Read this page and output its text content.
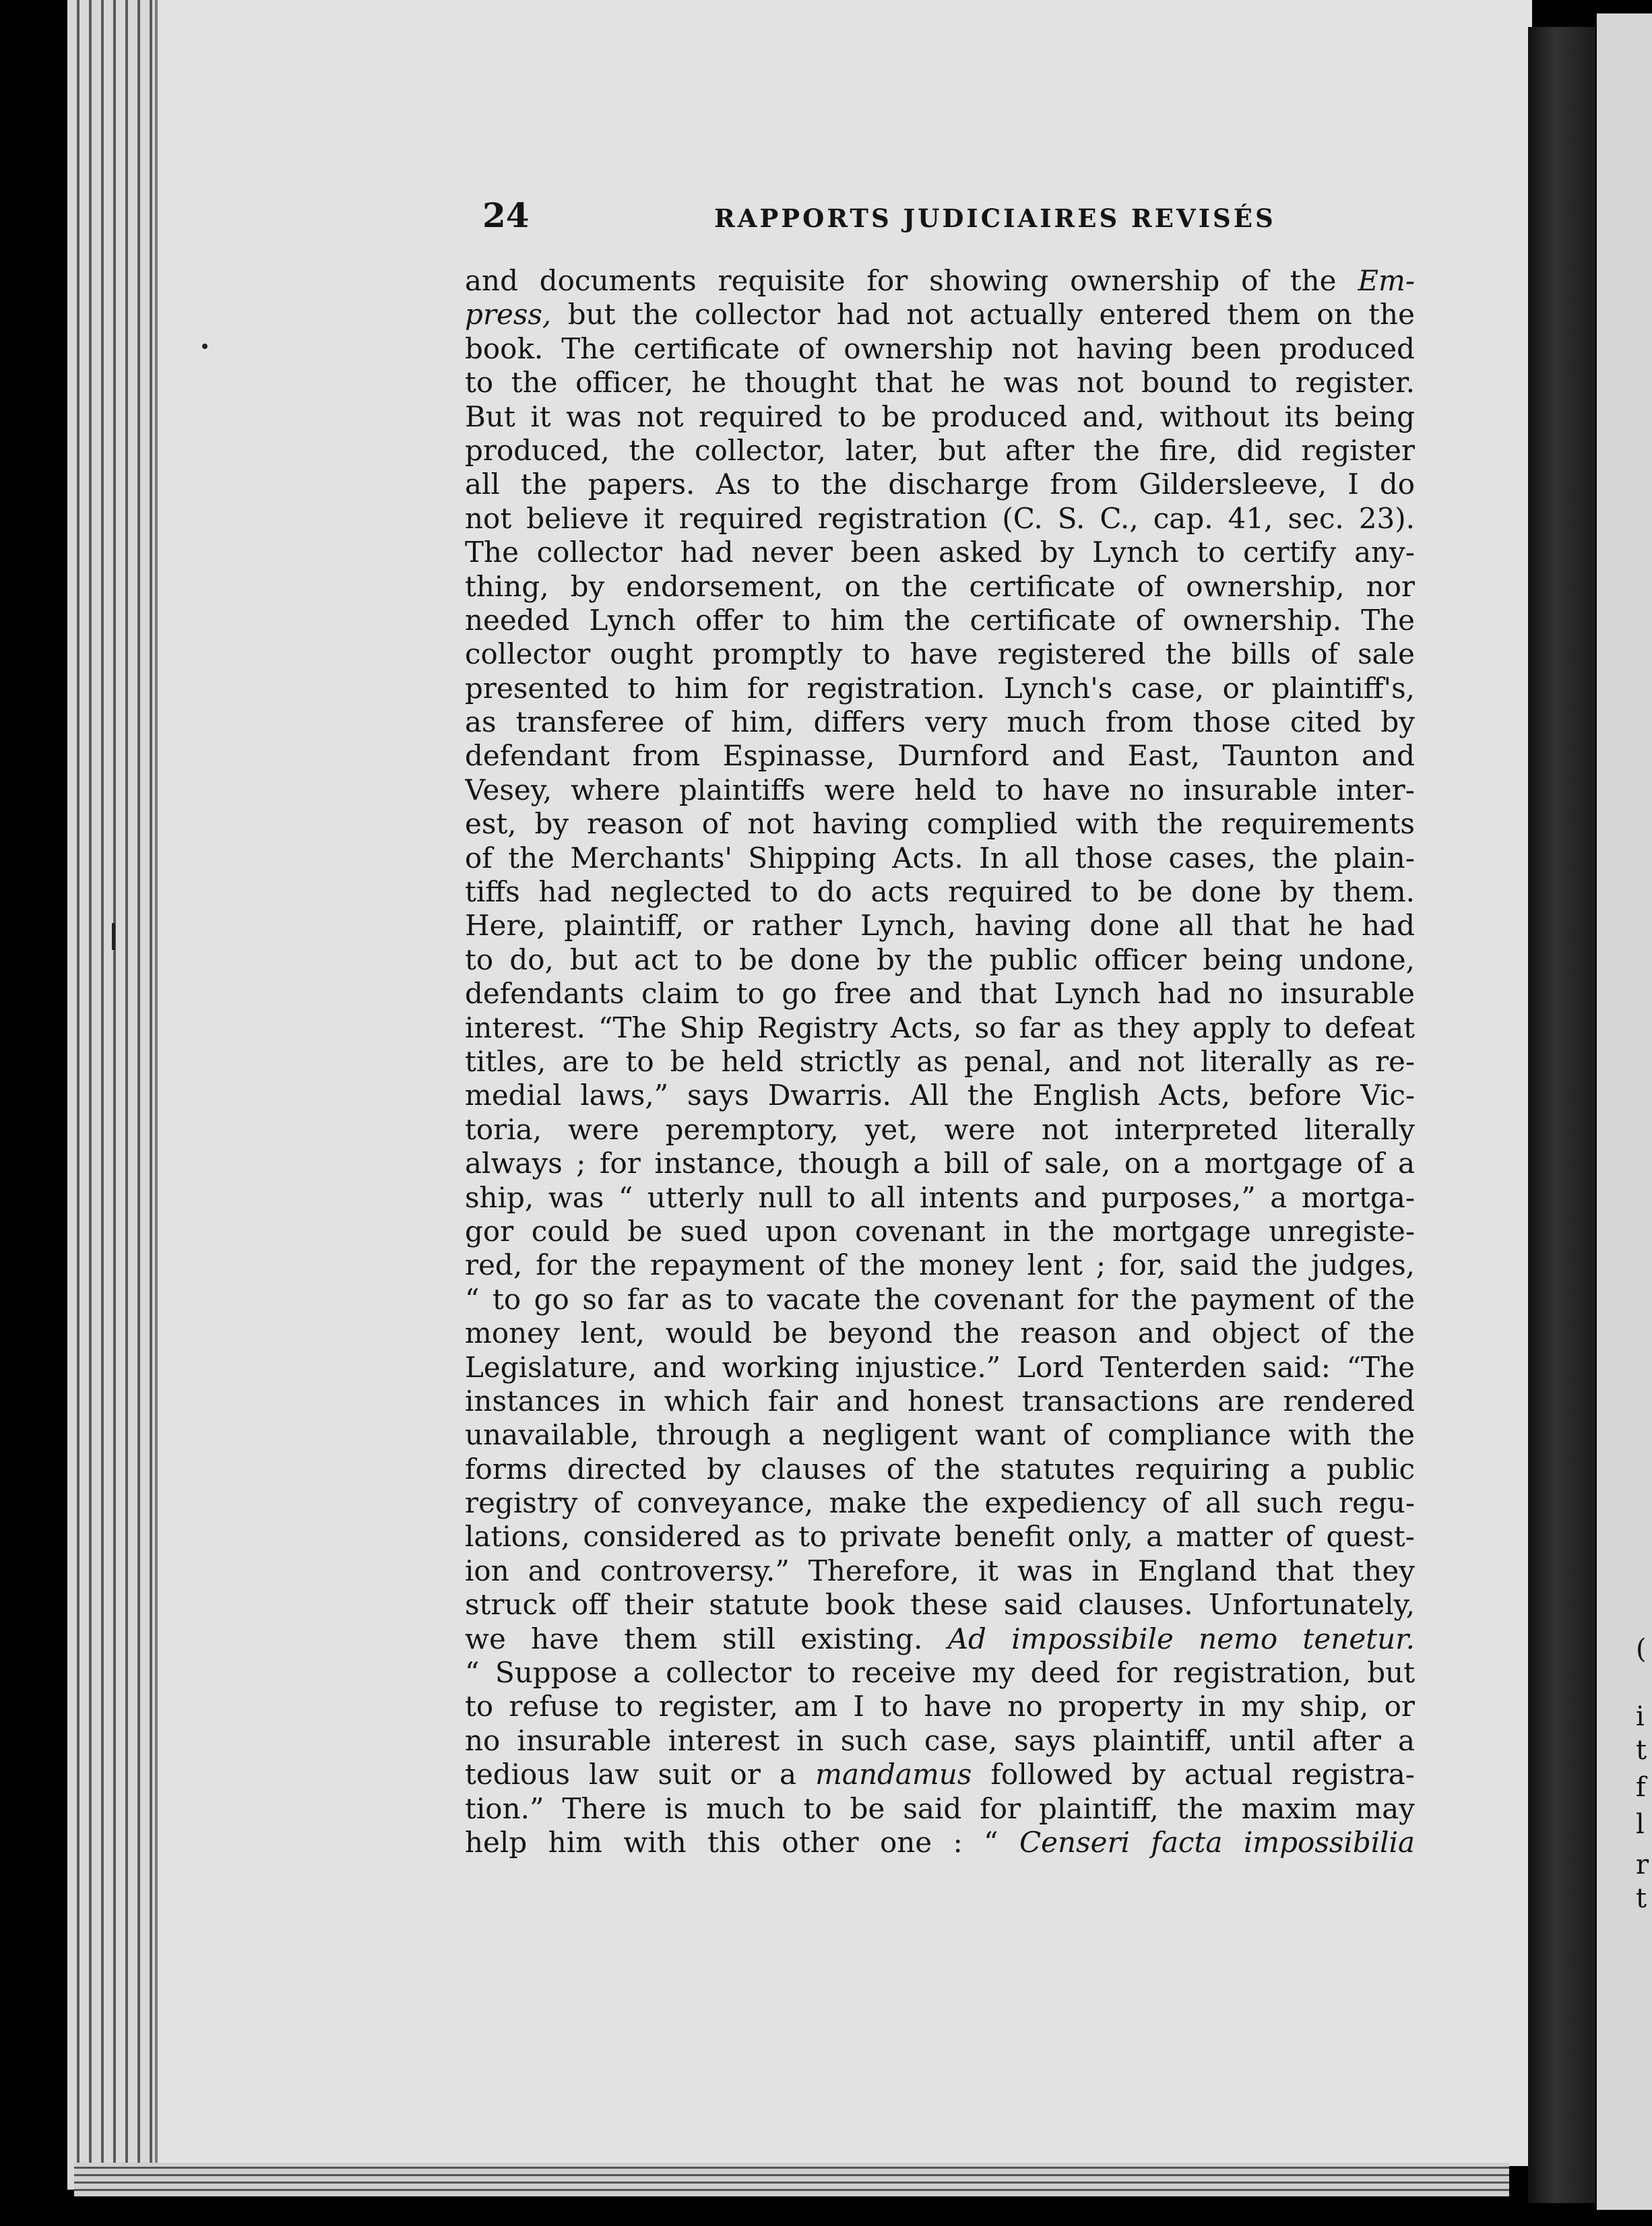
24	RAPPORTS JUDICIAIRES REVISÉS
and documents requisite for showing ownership of the Em-
press, but the collector had not actually entered them on the
book. The certificate of ownership not having been produced
to the officer, he thought that he was not bound to register.
But it was not required to be produced and, without its being
produced, the collector, later, but after the fire, did register
all the papers. As to the discharge from Gildersleeve, I do
not believe it required registration (C. S. C., cap. 41, sec. 23).
The collector had never been asked by Lynch to certify any-
thing, by endorsement, on the certificate of ownership, nor
needed Lynch offer to him the certificate of ownership. The
collector ought promptly to have registered the bills of sale
presented to him for registration. Lynch's case, or plaintiff's,
as transferee of him, differs very much from those cited by
defendant from Espinasse, Durnford and East, Taunton and
Vesey, where plaintiffs were held to have no insurable inter-
est, by reason of not having complied with the requirements
of the Merchants' Shipping Acts. In all those cases, the plain-
tiffs had neglected to do acts required to be done by them.
Here, plaintiff, or rather Lynch, having done all that he had
to do, but act to be done by the public officer being undone,
defendants claim to go free and that Lynch had no insurable
interest. “The Ship Registry Acts, so far as they apply to defeat
titles, are to be held strictly as penal, and not literally as re-
medial laws,” says Dwarris. All the English Acts, before Vic-
toria, were peremptory, yet, were not interpreted literally
always ; for instance, though a bill of sale, on a mortgage of a
ship, was “ utterly null to all intents and purposes,” a mortga-
gor could be sued upon covenant in the mortgage unregiste-
red, for the repayment of the money lent ; for, said the judges,
“ to go so far as to vacate the covenant for the payment of the
money lent, would be beyond the reason and object of the
Legislature, and working injustice.” Lord Tenterden said: “The
instances in which fair and honest transactions are rendered
unavailable, through a negligent want of compliance with the
forms directed by clauses of the statutes requiring a public
registry of conveyance, make the expediency of all such regu-
lations, considered as to private benefit only, a matter of quest-
ion and controversy.” Therefore, it was in England that they
struck off their statute book these said clauses. Unfortunately,
we have them still existing. Ad impossibile nemo tenetur.
“ Suppose a collector to receive my deed for registration, but
to refuse to register, am I to have no property in my ship, or
no insurable interest in such case, says plaintiff, until after a
tedious law suit or a mandamus followed by actual registra-
tion.” There is much to be said for plaintiff, the maxim may
help him with this other one : “ Censeri facta impossibilia
(
i
t
f
l
r
t
